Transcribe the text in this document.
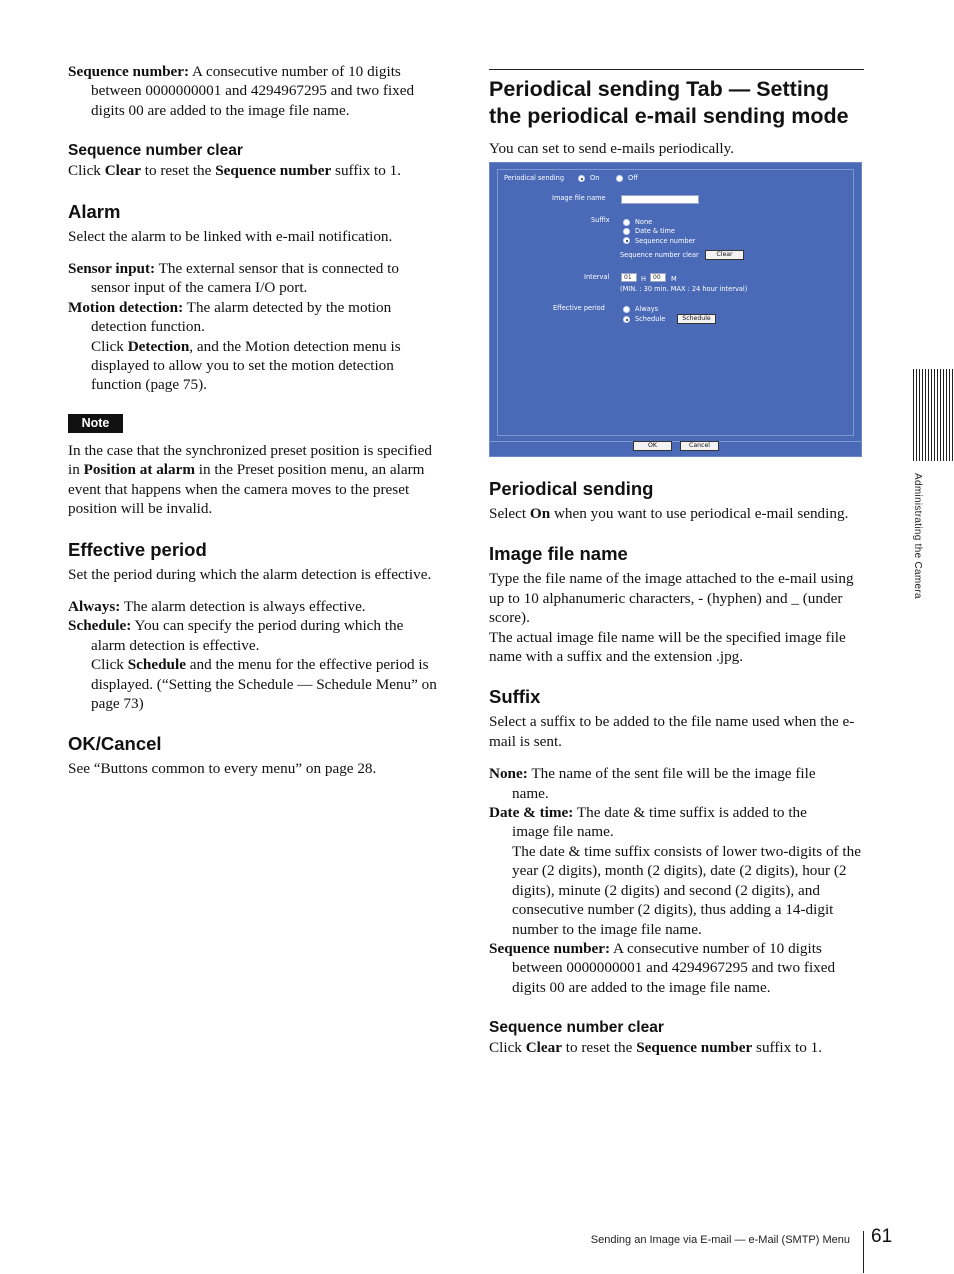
Sequence number: A consecutive number of 10 digits
between 0000000001 and 4294967295 and two fixed digits 00 are added to the image file name.

Sequence number clear

Click Clear to reset the Sequence number suffix to 1.

Alarm

Select the alarm to be linked with e-mail notification.

Sensor input: The external sensor that is connected to
sensor input of the camera I/O port.

Motion detection: The alarm detected by the motion
detection function.
Click Detection, and the Motion detection menu is displayed to allow you to set the motion detection function (page 75).

Note

In the case that the synchronized preset position is specified in Position at alarm in the Preset position menu, an alarm event that happens when the camera moves to the preset position will be invalid.

Effective period

Set the period during which the alarm detection is effective.

Always: The alarm detection is always effective.

Schedule: You can specify the period during which the
alarm detection is effective.
Click Schedule and the menu for the effective period is displayed. (“Setting the Schedule — Schedule Menu” on page 73)

OK/Cancel

See “Buttons common to every menu” on page 28.

Periodical sending Tab — Setting the periodical e-mail sending mode

You can set to send e-mails periodically.

Periodical sending	On	Off
Image file name
Suffix	None
Date & time
Sequence number
Sequence number clear	Clear
Interval	01	H	00	M
(MIN. : 30 min. MAX : 24 hour interval)
Effective period	Always
Schedule	Schedule
OK	Cancel
Periodical sending

Select On when you want to use periodical e-mail sending.

Image file name

Type the file name of the image attached to the e-mail using up to 10 alphanumeric characters, - (hyphen) and _ (under score).

The actual image file name will be the specified image file name with a suffix and the extension .jpg.

Suffix

Select a suffix to be added to the file name used when the e-mail is sent.

None: The name of the sent file will be the image file
name.

Date & time: The date & time suffix is added to the
image file name.
The date & time suffix consists of lower two-digits of the year (2 digits), month (2 digits), date (2 digits), hour (2 digits), minute (2 digits) and second (2 digits), and consecutive number (2 digits), thus adding a 14-digit number to the image file name.

Sequence number: A consecutive number of 10 digits
between 0000000001 and 4294967295 and two fixed digits 00 are added to the image file name.

Sequence number clear

Click Clear to reset the Sequence number suffix to 1.

Administrating the Camera
Sending an Image via E-mail — e-Mail (SMTP) Menu 61
